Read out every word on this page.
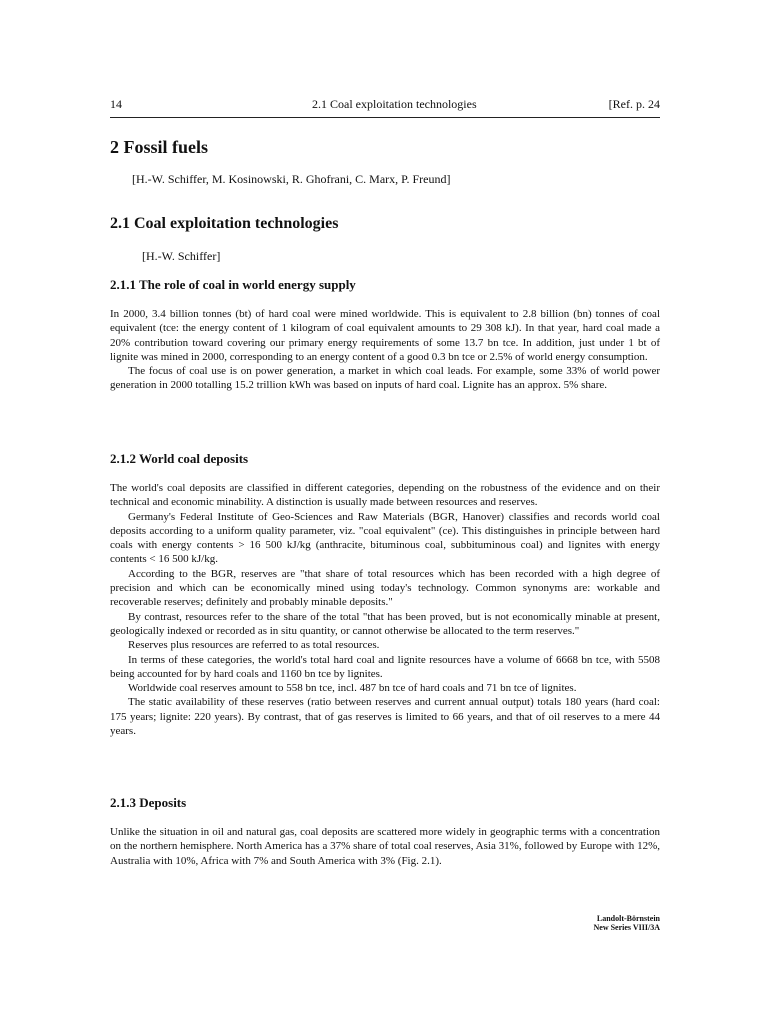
14	2.1 Coal exploitation technologies	[Ref. p. 24
2 Fossil fuels
[H.-W. Schiffer, M. Kosinowski, R. Ghofrani, C. Marx, P. Freund]
2.1 Coal exploitation technologies
[H.-W. Schiffer]
2.1.1 The role of coal in world energy supply

In 2000, 3.4 billion tonnes (bt) of hard coal were mined worldwide. This is equivalent to 2.8 billion (bn) tonnes of coal equivalent (tce: the energy content of 1 kilogram of coal equivalent amounts to 29 308 kJ). In that year, hard coal made a 20% contribution toward covering our primary energy requirements of some 13.7 bn tce. In addition, just under 1 bt of lignite was mined in 2000, corresponding to an energy content of a good 0.3 bn tce or 2.5% of world energy consumption.

The focus of coal use is on power generation, a market in which coal leads. For example, some 33% of world power generation in 2000 totalling 15.2 trillion kWh was based on inputs of hard coal. Lignite has an approx. 5% share.

2.1.2 World coal deposits

The world's coal deposits are classified in different categories, depending on the robustness of the evidence and on their technical and economic minability. A distinction is usually made between resources and reserves.

Germany's Federal Institute of Geo-Sciences and Raw Materials (BGR, Hanover) classifies and records world coal deposits according to a uniform quality parameter, viz. "coal equivalent" (ce). This distinguishes in principle between hard coals with energy contents > 16 500 kJ/kg (anthracite, bituminous coal, subbituminous coal) and lignites with energy contents < 16 500 kJ/kg.

According to the BGR, reserves are "that share of total resources which has been recorded with a high degree of precision and which can be economically mined using today's technology. Common synonyms are: workable and recoverable reserves; definitely and probably minable deposits."

By contrast, resources refer to the share of the total "that has been proved, but is not economically minable at present, geologically indexed or recorded as in situ quantity, or cannot otherwise be allocated to the term reserves."

Reserves plus resources are referred to as total resources.

In terms of these categories, the world's total hard coal and lignite resources have a volume of 6668 bn tce, with 5508 being accounted for by hard coals and 1160 bn tce by lignites.

Worldwide coal reserves amount to 558 bn tce, incl. 487 bn tce of hard coals and 71 bn tce of lignites.

The static availability of these reserves (ratio between reserves and current annual output) totals 180 years (hard coal: 175 years; lignite: 220 years). By contrast, that of gas reserves is limited to 66 years, and that of oil reserves to a mere 44 years.

2.1.3 Deposits

Unlike the situation in oil and natural gas, coal deposits are scattered more widely in geographic terms with a concentration on the northern hemisphere. North America has a 37% share of total coal reserves, Asia 31%, followed by Europe with 12%, Australia with 10%, Africa with 7% and South America with 3% (Fig. 2.1).

Landolt-Börnstein
New Series VIII/3A
